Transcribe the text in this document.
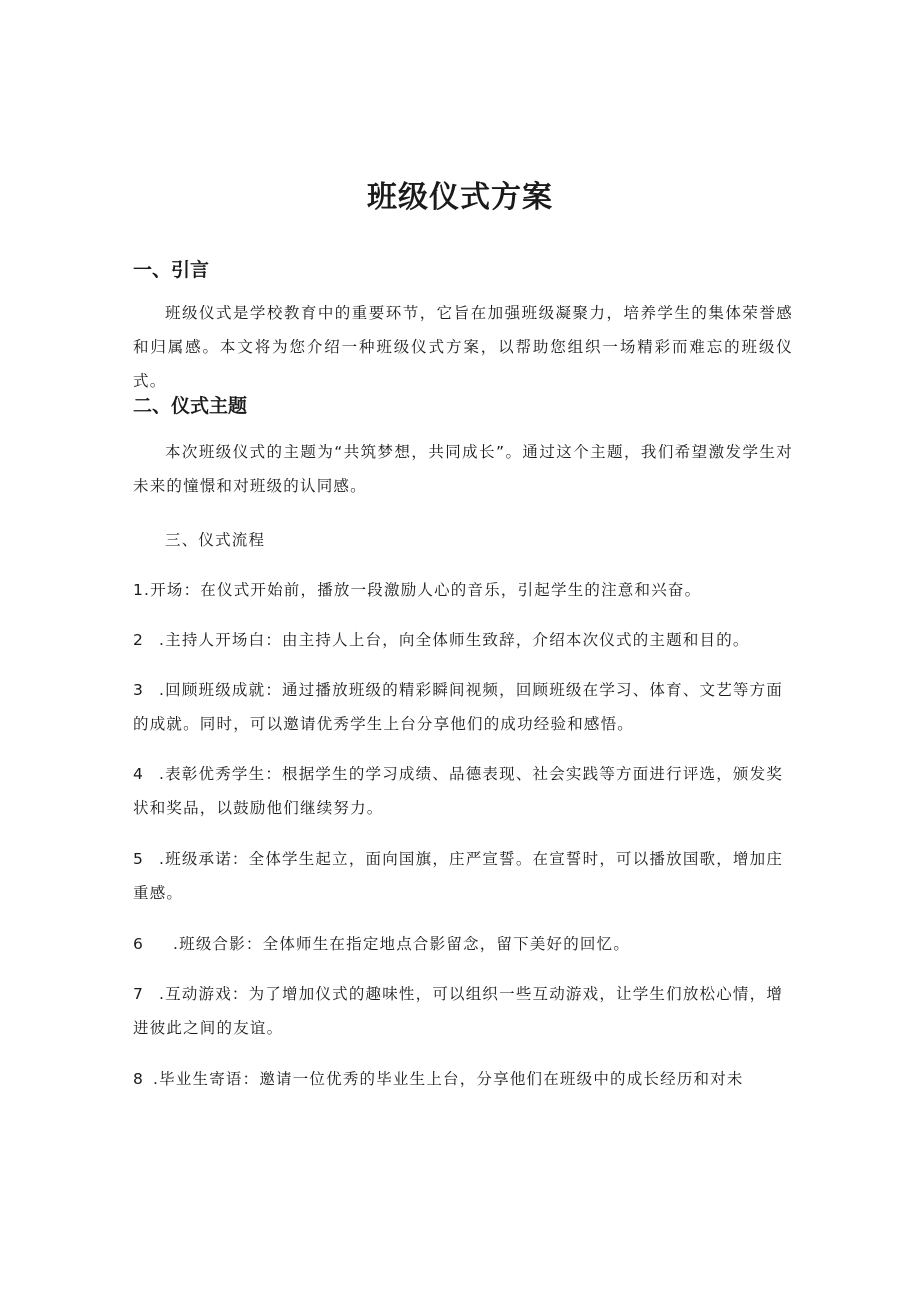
班级仪式方案
一、引言

班级仪式是学校教育中的重要环节，它旨在加强班级凝聚力，培养学生的集体荣誉感和归属感。本文将为您介绍一种班级仪式方案，以帮助您组织一场精彩而难忘的班级仪式。

二、仪式主题

本次班级仪式的主题为“共筑梦想，共同成长”。通过这个主题，我们希望激发学生对未来的憧憬和对班级的认同感。

三、仪式流程

1.开场：在仪式开始前，播放一段激励人心的音乐，引起学生的注意和兴奋。

2 .主持人开场白：由主持人上台，向全体师生致辞，介绍本次仪式的主题和目的。

3 .回顾班级成就：通过播放班级的精彩瞬间视频，回顾班级在学习、体育、文艺等方面的成就。同时，可以邀请优秀学生上台分享他们的成功经验和感悟。

4 .表彰优秀学生：根据学生的学习成绩、品德表现、社会实践等方面进行评选，颁发奖状和奖品，以鼓励他们继续努力。

5 .班级承诺：全体学生起立，面向国旗，庄严宣誓。在宣誓时，可以播放国歌，增加庄重感。

6 .班级合影：全体师生在指定地点合影留念，留下美好的回忆。

7 .互动游戏：为了增加仪式的趣味性，可以组织一些互动游戏，让学生们放松心情，增进彼此之间的友谊。

8 .毕业生寄语：邀请一位优秀的毕业生上台，分享他们在班级中的成长经历和对未
